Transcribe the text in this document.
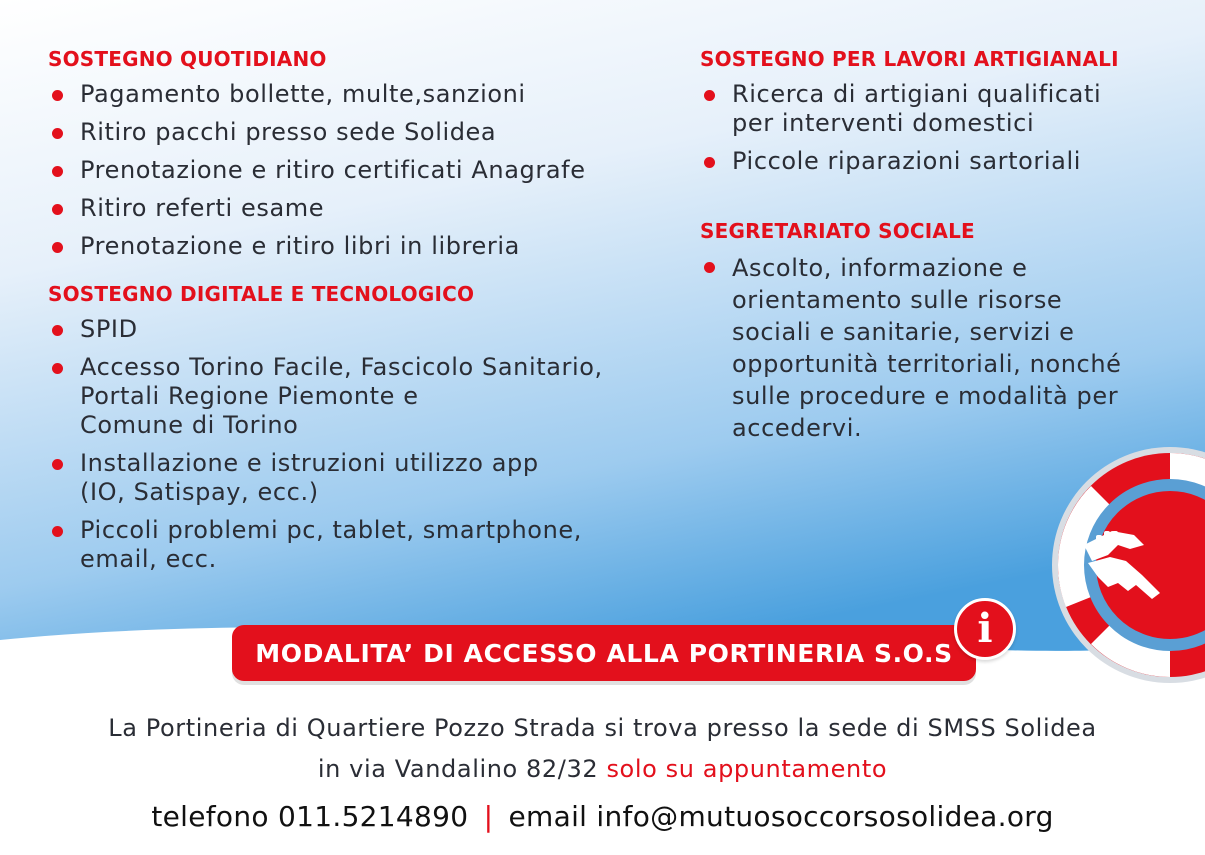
SOSTEGNO QUOTIDIANO
Pagamento bollette, multe,sanzioni
Ritiro pacchi presso sede Solidea
Prenotazione e ritiro certificati Anagrafe
Ritiro referti esame
Prenotazione e ritiro libri in libreria
SOSTEGNO DIGITALE E TECNOLOGICO
SPID
Accesso Torino Facile, Fascicolo Sanitario,
Portali Regione Piemonte e
Comune di Torino
Installazione e istruzioni utilizzo app
(IO, Satispay, ecc.)
Piccoli problemi pc, tablet, smartphone,
email, ecc.
SOSTEGNO PER LAVORI ARTIGIANALI
Ricerca di artigiani qualificati
per interventi domestici
Piccole riparazioni sartoriali
SEGRETARIATO SOCIALE
Ascolto, informazione e
orientamento sulle risorse
sociali e sanitarie, servizi e
opportunità territoriali, nonché
sulle procedure e modalità per
accedervi.
MODALITA’ DI ACCESSO ALLA PORTINERIA S.O.S
i
La Portineria di Quartiere Pozzo Strada si trova presso la sede di SMSS Solidea
in via Vandalino 82/32 solo su appuntamento
telefono 011.5214890 | email info@mutuosoccorsosolidea.org
